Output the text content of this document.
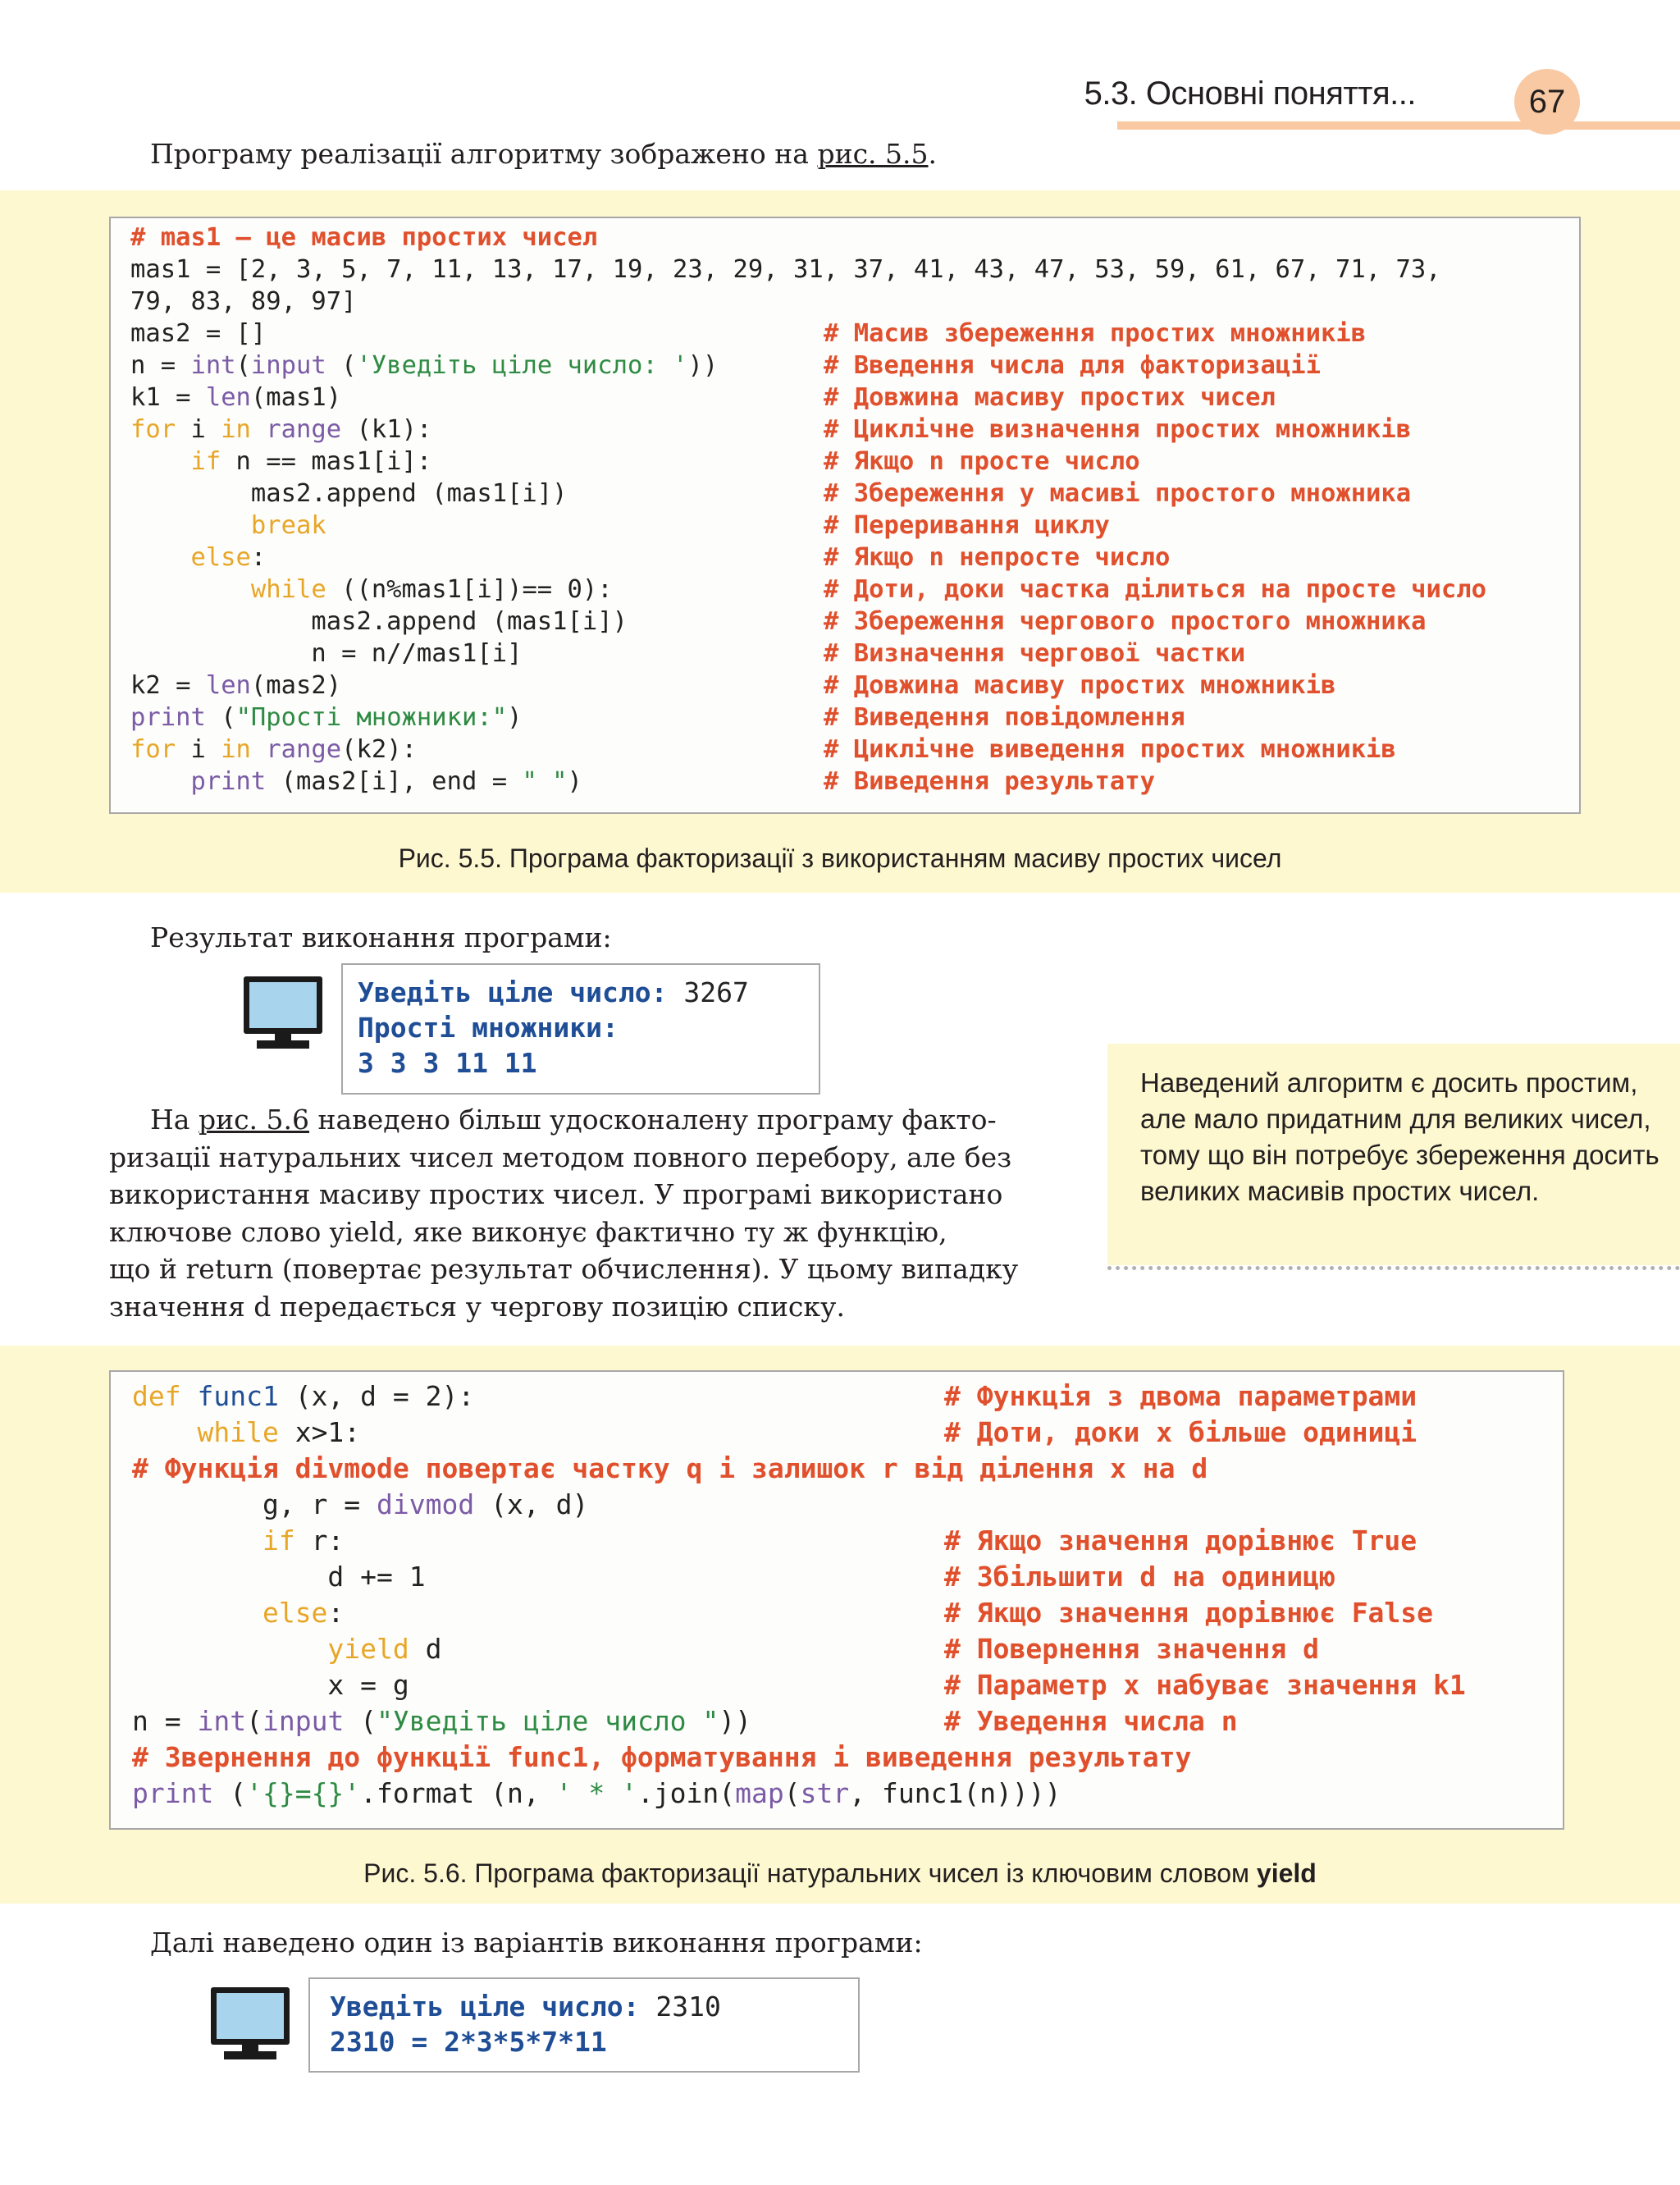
5.3. Основні поняття...	67
Програму реалізації алгоритму зображено на рис. 5.5.
# mas1 – це масив простих чисел
mas1 = [2, 3, 5, 7, 11, 13, 17, 19, 23, 29, 31, 37, 41, 43, 47, 53, 59, 61, 67, 71, 73,
79, 83, 89, 97]
mas2 = []	# Масив збереження простих множників
n = int(input ('Уведіть ціле число: '))	# Введення числа для факторизації
k1 = len(mas1)	# Довжина масиву простих чисел
for i in range (k1):	# Циклічне визначення простих множників
if n == mas1[i]:	# Якщо n просте число
mas2.append (mas1[i])	# Збереження у масиві простого множника
break	# Переривання циклу
else:	# Якщо n непросте число
while ((n%mas1[i])== 0):	# Доти, доки частка ділиться на просте число
mas2.append (mas1[i])	# Збереження чергового простого множника
n = n//mas1[i]	# Визначення чергової частки
k2 = len(mas2)	# Довжина масиву простих множників
print ("Прості множники:")	# Виведення повідомлення
for i in range(k2):	# Циклічне виведення простих множників
print (mas2[i], end = " ")	# Виведення результату
Рис. 5.5. Програма факторизації з використанням масиву простих чисел
Результат виконання програми:
Уведіть ціле число: 3267
Прості множники:
3 3 3 11 11
На рис. 5.6 наведено більш удосконалену програму факто-
ризації натуральних чисел методом повного перебору, але без
використання масиву простих чисел. У програмі використано
ключове слово yield, яке виконує фактично ту ж функцію,
що й return (повертає результат обчислення). У цьому випадку
значення d передається у чергову позицію списку.
Наведений алгоритм є досить простим, але мало придатним для великих чисел, тому що він потребує збереження досить великих масивів простих чисел.
def func1 (x, d = 2):	# Функція з двома параметрами
while x>1:	# Доти, доки x більше одиниці
# Функція divmode повертає частку q і залишок r від ділення x на d
g, r = divmod (x, d)
if r:	# Якщо значення дорівнює True
d += 1	# Збільшити d на одиницю
else:	# Якщо значення дорівнює False
yield d	# Повернення значення d
x = g	# Параметр x набуває значення k1
n = int(input ("Уведіть ціле число "))	# Уведення числа n
# Звернення до функції func1, форматування і виведення результату
print ('{}={}'.format (n, ' * '.join(map(str, func1(n))))
Рис. 5.6. Програма факторизації натуральних чисел із ключовим словом yield
Далі наведено один із варіантів виконання програми:
Уведіть ціле число: 2310
2310 = 2*3*5*7*11
